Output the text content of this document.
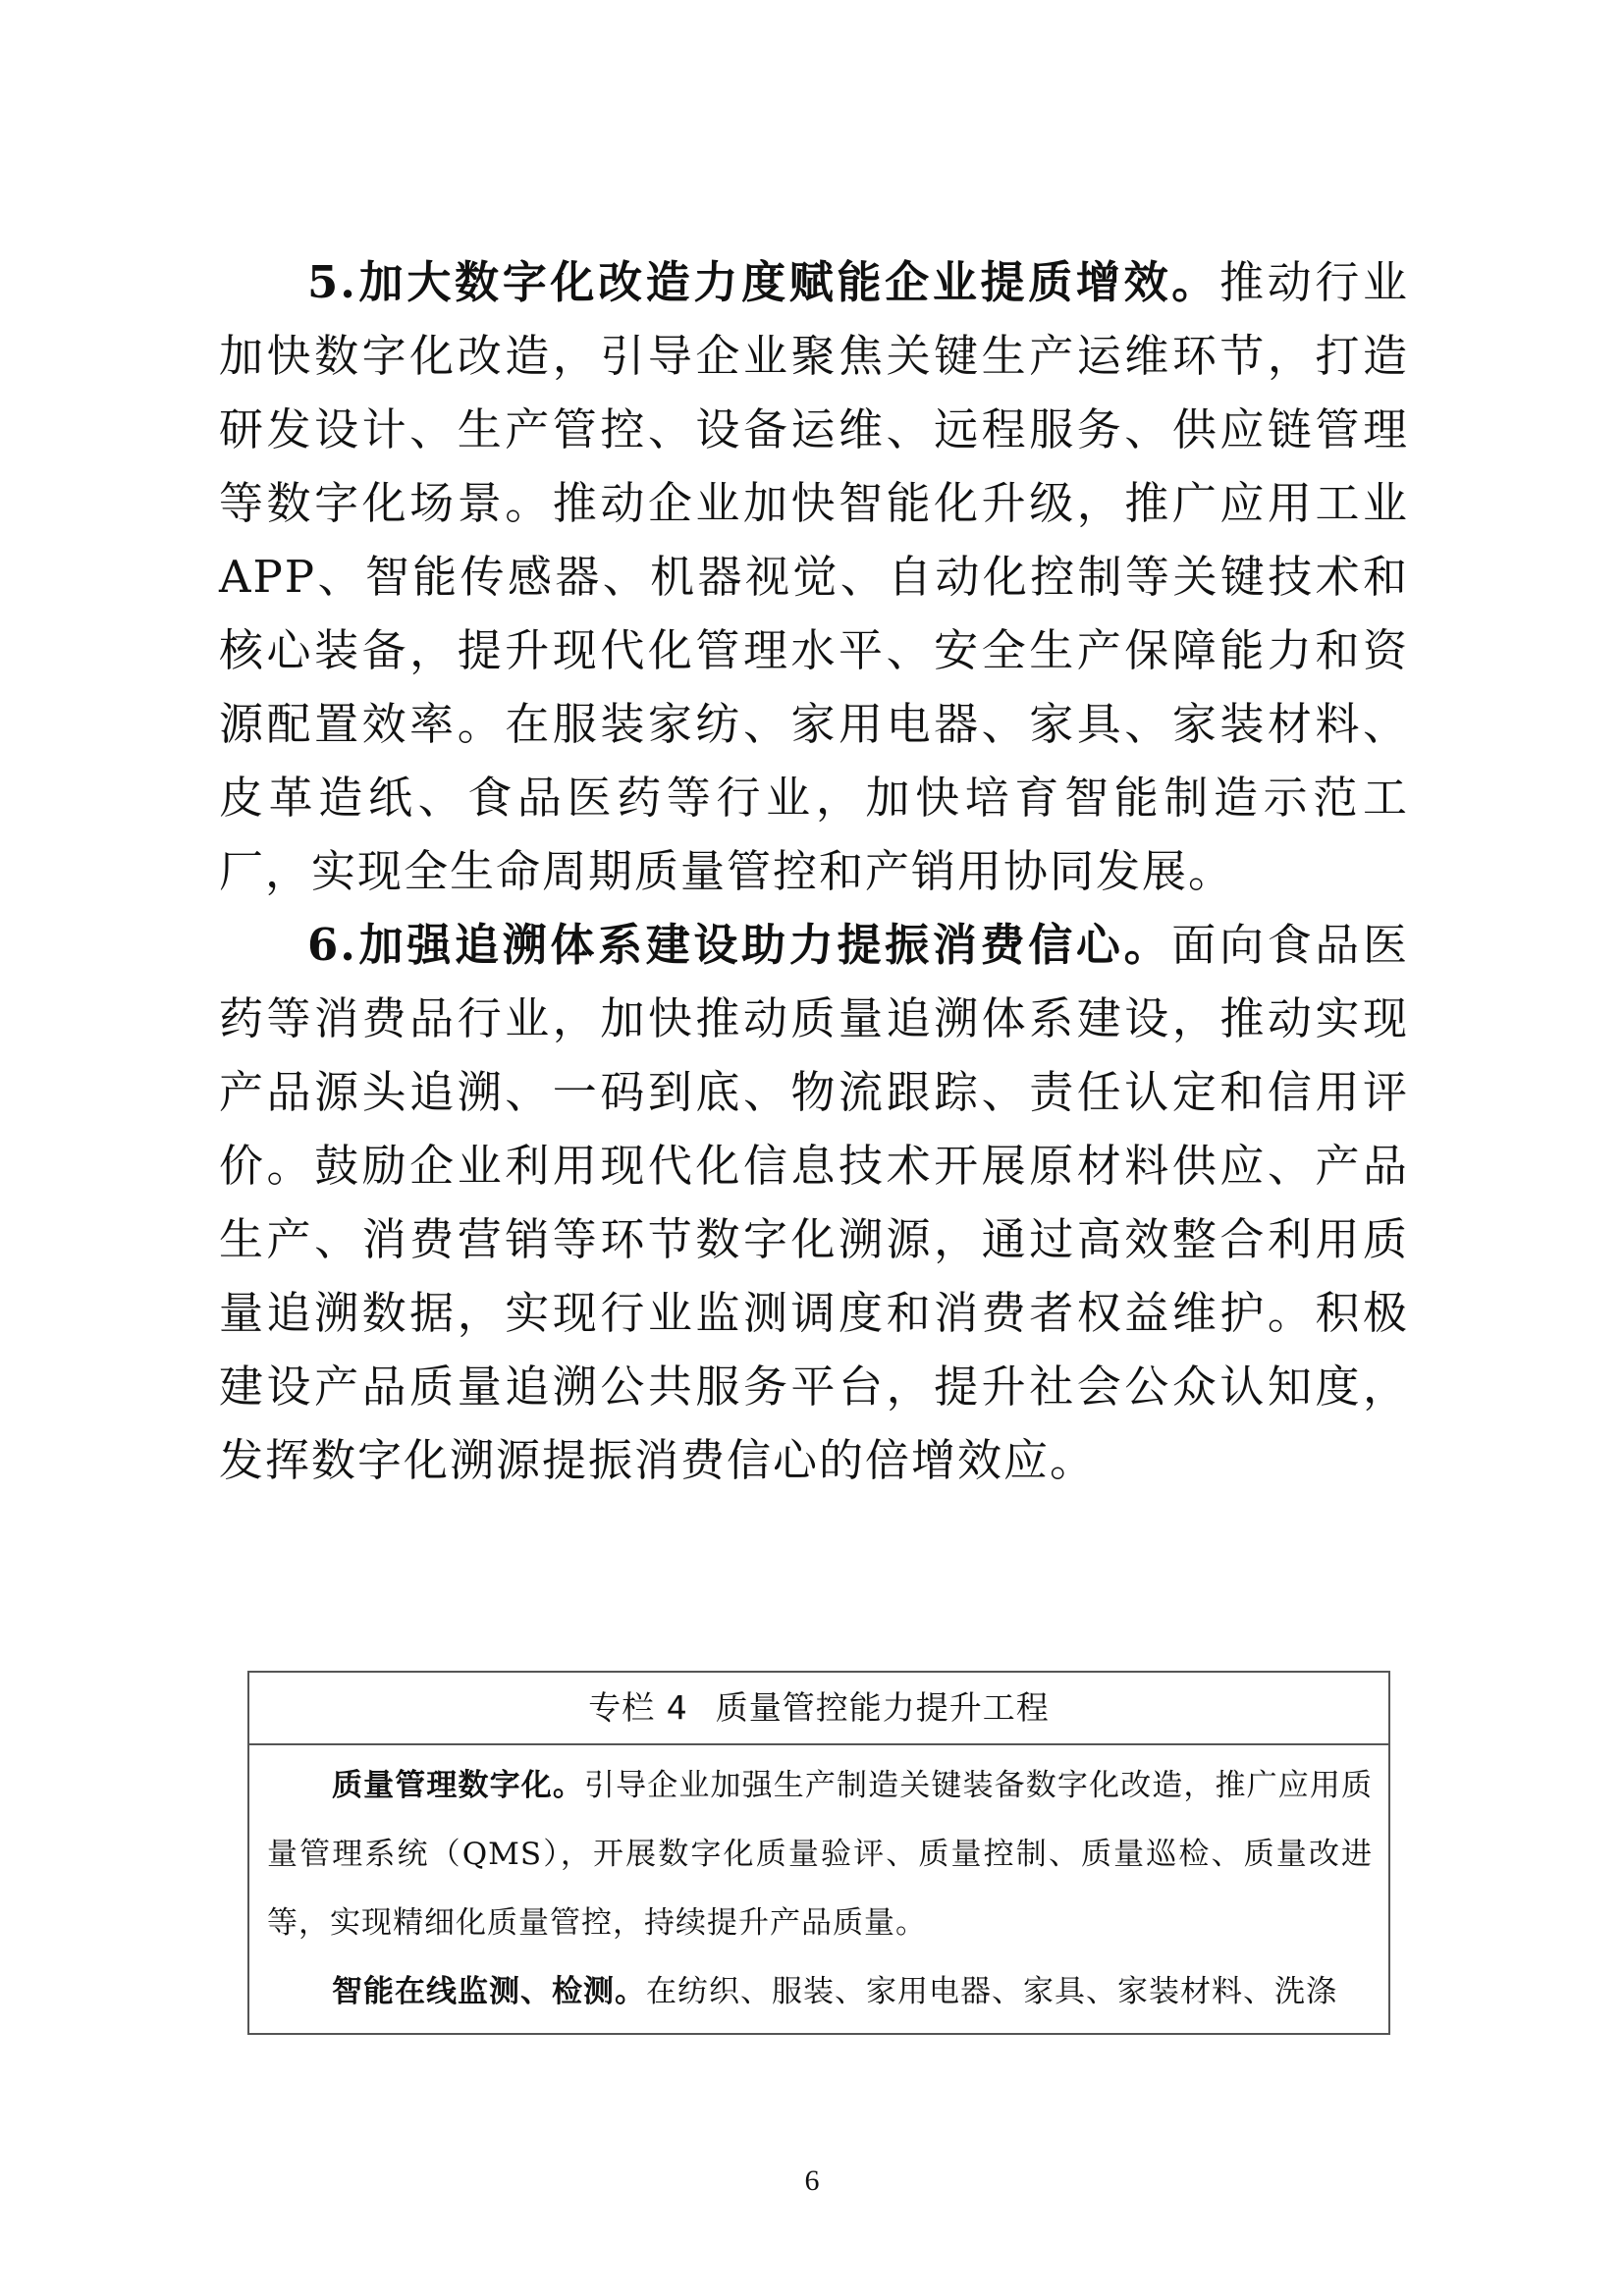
5.加大数字化改造力度赋能企业提质增效。推动行业加快数字化改造，引导企业聚焦关键生产运维环节，打造研发设计、生产管控、设备运维、远程服务、供应链管理等数字化场景。推动企业加快智能化升级，推广应用工业APP、智能传感器、机器视觉、自动化控制等关键技术和核心装备，提升现代化管理水平、安全生产保障能力和资源配置效率。在服装家纺、家用电器、家具、家装材料、皮革造纸、食品医药等行业，加快培育智能制造示范工厂，实现全生命周期质量管控和产销用协同发展。

6.加强追溯体系建设助力提振消费信心。面向食品医药等消费品行业，加快推动质量追溯体系建设，推动实现产品源头追溯、一码到底、物流跟踪、责任认定和信用评价。鼓励企业利用现代化信息技术开展原材料供应、产品生产、消费营销等环节数字化溯源，通过高效整合利用质量追溯数据，实现行业监测调度和消费者权益维护。积极建设产品质量追溯公共服务平台，提升社会公众认知度，发挥数字化溯源提振消费信心的倍增效应。

专栏 4 质量管控能力提升工程

质量管理数字化。引导企业加强生产制造关键装备数字化改造，推广应用质量管理系统（QMS），开展数字化质量验评、质量控制、质量巡检、质量改进等，实现精细化质量管控，持续提升产品质量。

智能在线监测、检测。在纺织、服装、家用电器、家具、家装材料、洗涤

6
